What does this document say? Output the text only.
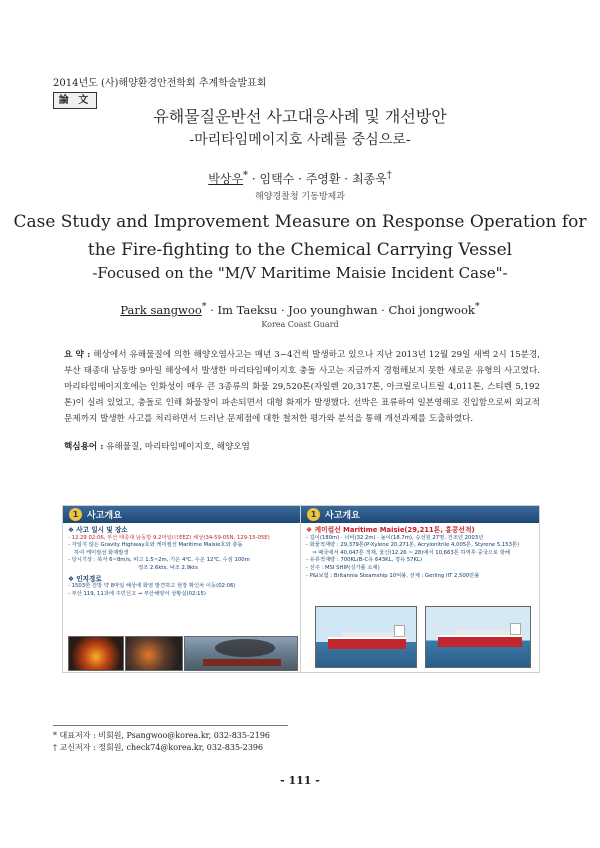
2014년도 (사)해양환경안전학회 추계학술발표회
論 文
유해물질운반선 사고대응사례 및 개선방안
-마리타임메이지호 사례를 중심으로-
박상우* · 임택수 · 주영환 · 최종욱†
해양경찰청 기동방제과
Case Study and Improvement Measure on Response Operation for
the Fire-fighting to the Chemical Carrying Vessel
-Focused on the "M/V Maritime Maisie Incident Case"-
Park sangwoo* · Im Taeksu · Joo younghwan · Choi jongwook*
Korea Coast Guard
요 약 : 해상에서 유해물질에 의한 해양오염사고는 매년 3~4건씩 발생하고 있으나 지난 2013년 12월 29일 새벽 2시 15분경, 부산 태종대 남동방 9마일 해상에서 발생한 마리타임메이지호 충돌 사고는 지금까지 경험해보지 못한 새로운 유형의 사고였다. 마리타임메이지호에는 인화성이 매우 큰 3종류의 화물 29,520톤(자일렌 20,317톤, 아크릴로니트릴 4,011톤, 스티렌 5,192톤)이 실려 있었고, 충돌로 인해 화물창이 파손되면서 대형 화재가 발생했다. 선박은 표류하여 일본영해로 진입함으로써 외교적 문제까지 발생한 사고를 처리하면서 드러난 문제점에 대한 철저한 평가와 분석을 통해 개선과제를 도출하였다.
핵심용어 : 유해물질, 마리타임메이지호, 해양오염
1 사고개요
❖ 사고 일시 및 장소
- 12.29 02:06, 부산 태종대 남동방 9.2마일(日EEZ) 해상(34-59-05N, 129-15-05E)
- 자일지 않은 Gravity Highway호와 케미컬선 Maritime Maisie호와 충돌
하여 케미컬선 화재발생
- 당시기상 : 북서 6~8m/s, 파고 1.5~2m, 기온 4℃, 수온 12℃, 수심 100m
정조 2.6kts, 낙조 2.9kts
❖ 인지경로
- 1503한 진방 약 8마일 해상에 화염 발견하고 현장 확인차 이동(02:06)
- 부산 119, 11과에 주민신고 → 부산해양서 상황실(02:15)
1 사고개요
❖ 케미컬선 Maritime Maisie(29,211톤, 홍콩선적)
- 길이(180m) · 너비(32.2m) · 높이(18.7m), 승선원 27명, 건조년 2003년
- 화물적재량 : 29,379톤(P-Xylene 20,271톤, Acrylonitrile 4,005톤, Styrene 5,153톤)
⇒ 때국에서 40,047톤 적재, 울산(12.26 ~ 28)에서 10,663톤 하역후 중국으로 항해
- 유류적재량 : 700KL(B-C유 643KL, 경유 57KL)
- 선주 : MSI SHIP(싱가폴 소재)
- P&I보험 : Britannia Steamship 10억불, 선체 : Gerling IIT 2,500만불
* 대표저자 : 비회원, Psangwoo@korea.kr, 032-835-2196
† 교신저자 : 정회원, check74@korea.kr, 032-835-2396
- 111 -
